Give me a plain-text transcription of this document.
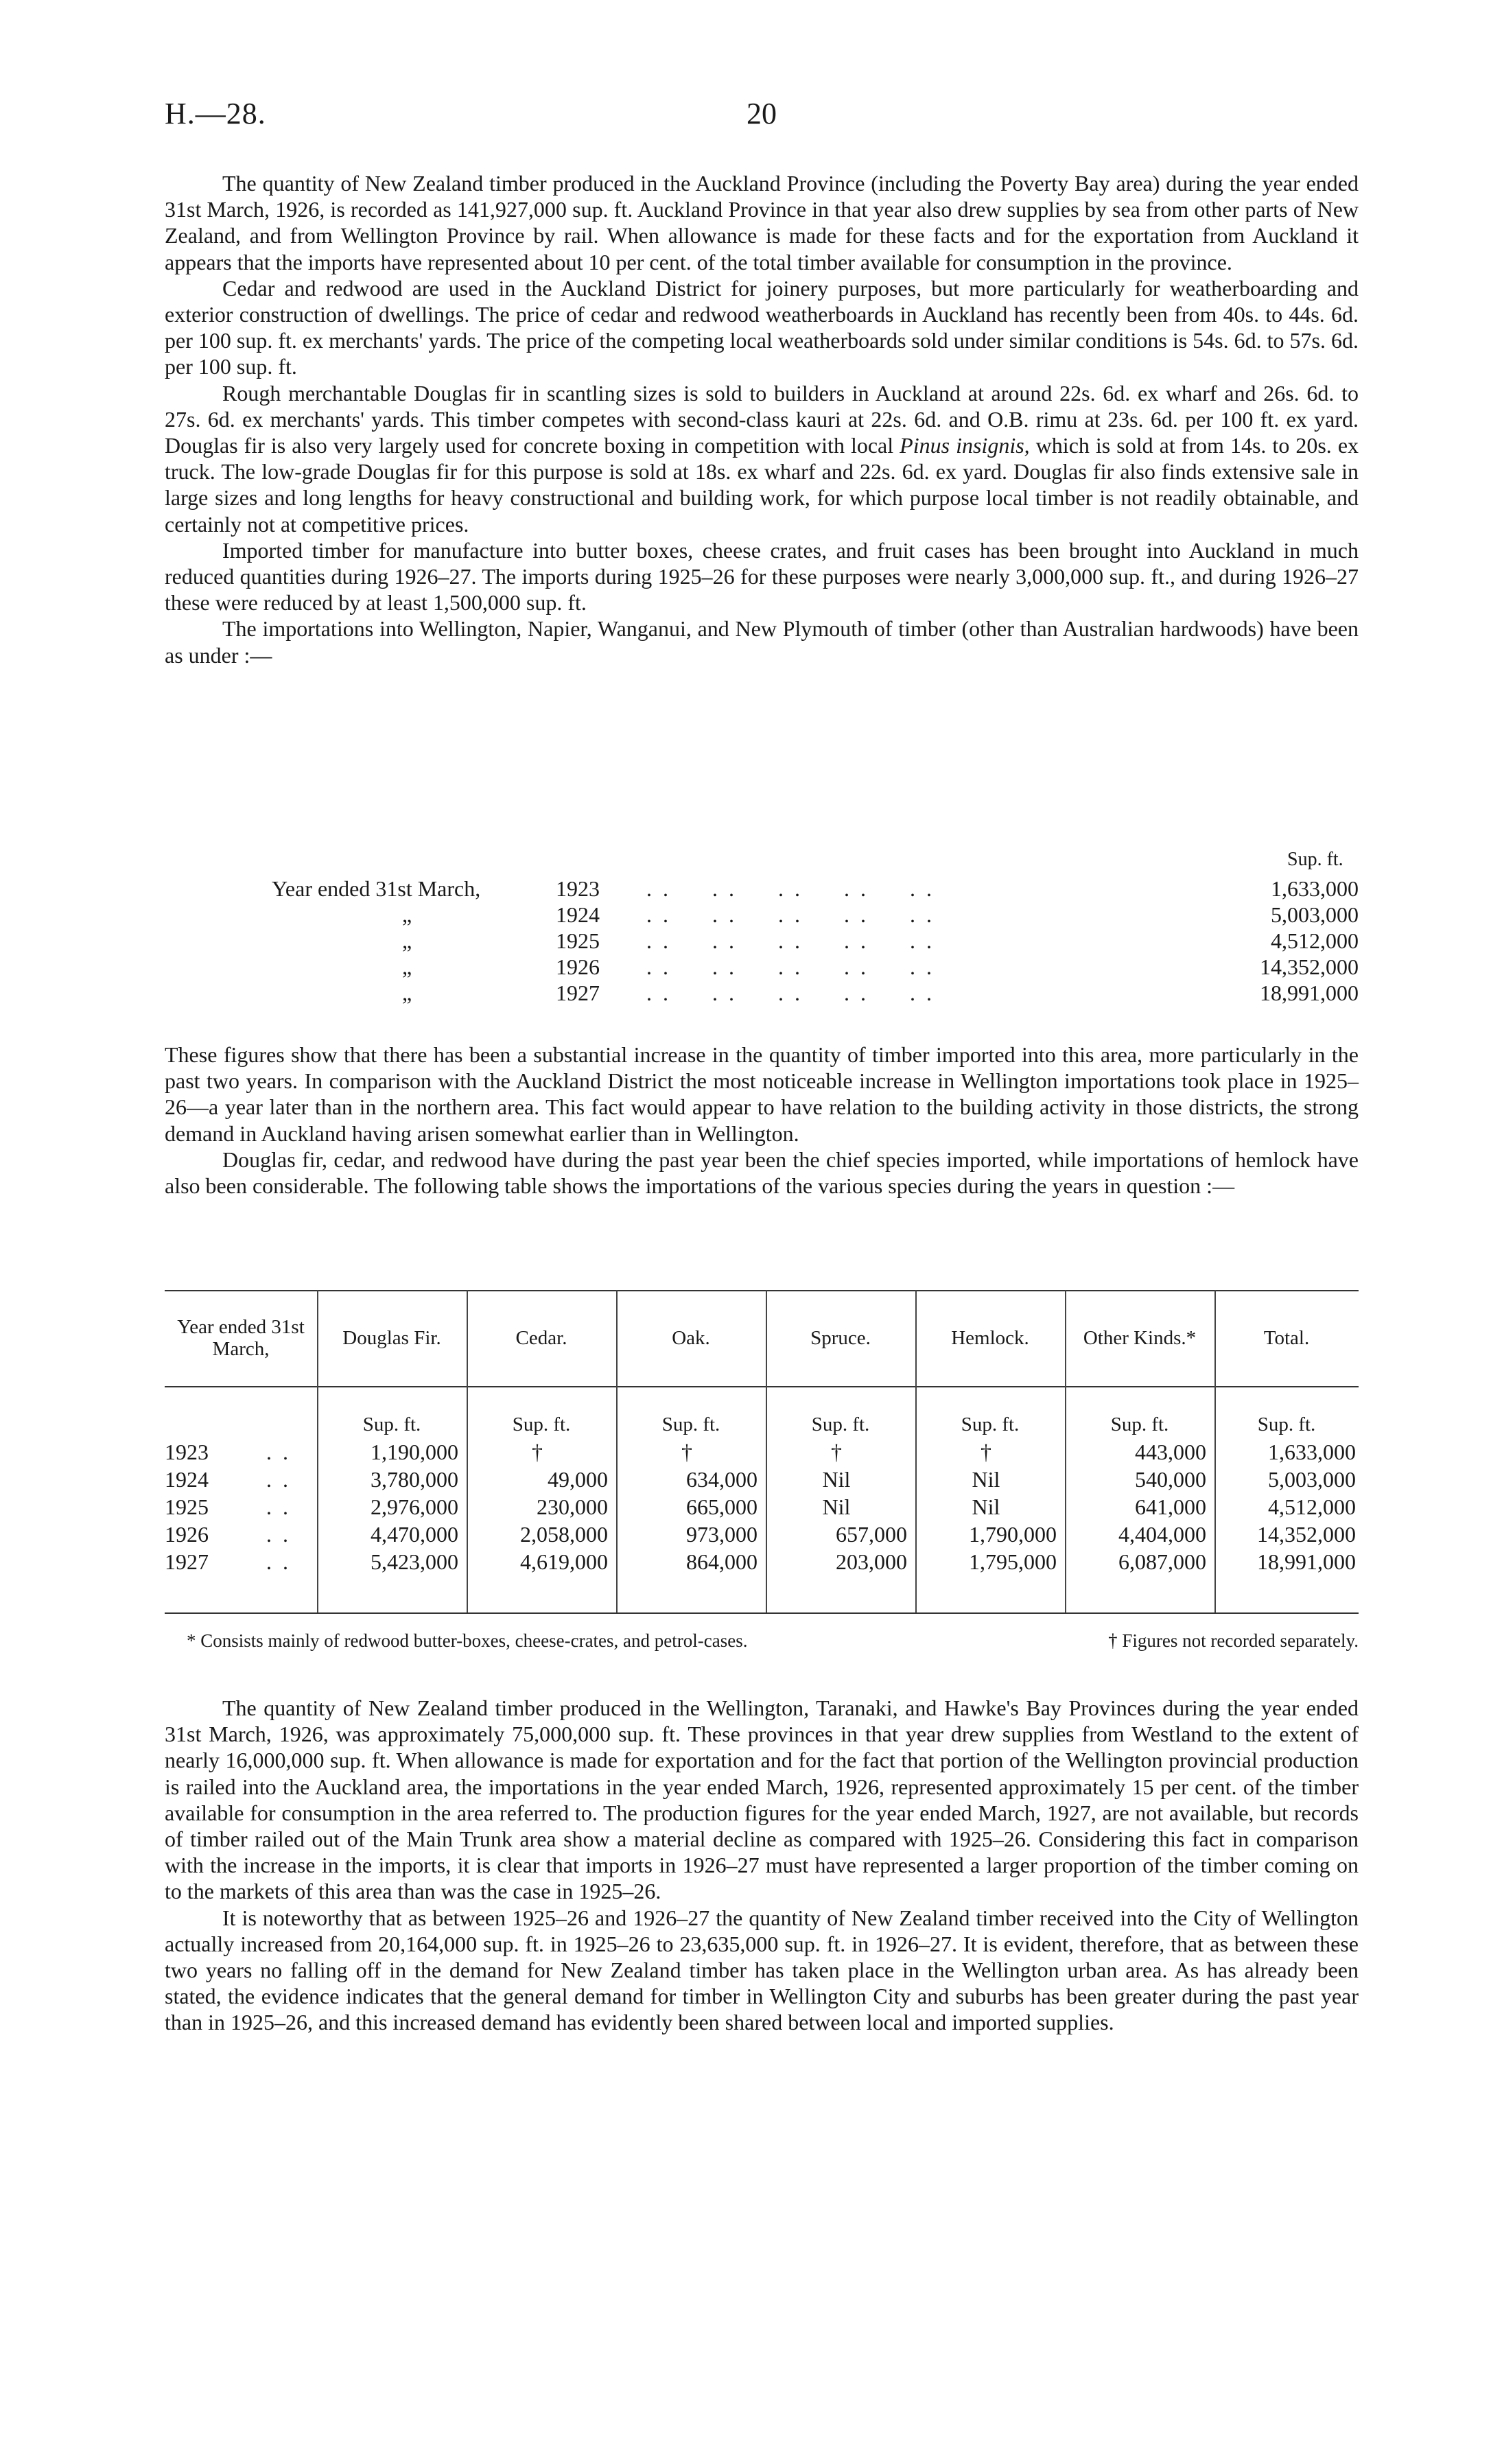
H.—28.	20

The quantity of New Zealand timber produced in the Auckland Province (including the Poverty Bay area) during the year ended 31st March, 1926, is recorded as 141,927,000 sup. ft. Auckland Province in that year also drew supplies by sea from other parts of New Zealand, and from Wellington Province by rail. When allowance is made for these facts and for the exportation from Auckland it appears that the imports have represented about 10 per cent. of the total timber available for consumption in the province.

Cedar and redwood are used in the Auckland District for joinery purposes, but more particularly for weatherboarding and exterior construction of dwellings. The price of cedar and redwood weatherboards in Auckland has recently been from 40s. to 44s. 6d. per 100 sup. ft. ex merchants' yards. The price of the competing local weatherboards sold under similar conditions is 54s. 6d. to 57s. 6d. per 100 sup. ft.

Rough merchantable Douglas fir in scantling sizes is sold to builders in Auckland at around 22s. 6d. ex wharf and 26s. 6d. to 27s. 6d. ex merchants' yards. This timber competes with second-class kauri at 22s. 6d. and O.B. rimu at 23s. 6d. per 100 ft. ex yard. Douglas fir is also very largely used for concrete boxing in competition with local Pinus insignis, which is sold at from 14s. to 20s. ex truck. The low-grade Douglas fir for this purpose is sold at 18s. ex wharf and 22s. 6d. ex yard. Douglas fir also finds extensive sale in large sizes and long lengths for heavy constructional and building work, for which purpose local timber is not readily obtainable, and certainly not at competitive prices.

Imported timber for manufacture into butter boxes, cheese crates, and fruit cases has been brought into Auckland in much reduced quantities during 1926–27. The imports during 1925–26 for these purposes were nearly 3,000,000 sup. ft., and during 1926–27 these were reduced by at least 1,500,000 sup. ft.

The importations into Wellington, Napier, Wanganui, and New Plymouth of timber (other than Australian hardwoods) have been as under :—

Sup. ft.
Year ended 31st March,	1923 . .     . .     . .     . .     . .	1,633,000
„	1924 . .     . .     . .     . .     . .	5,003,000
„	1925 . .     . .     . .     . .     . .	4,512,000
„	1926 . .     . .     . .     . .     . .	14,352,000
„	1927 . .     . .     . .     . .     . .	18,991,000

These figures show that there has been a substantial increase in the quantity of timber imported into this area, more particularly in the past two years. In comparison with the Auckland District the most noticeable increase in Wellington importations took place in 1925–26—a year later than in the northern area. This fact would appear to have relation to the building activity in those districts, the strong demand in Auckland having arisen somewhat earlier than in Wellington.

Douglas fir, cedar, and redwood have during the past year been the chief species imported, while importations of hemlock have also been considerable. The following table shows the importations of the various species during the years in question :—

Year ended 31st March,	Douglas Fir.	Cedar.	Oak.	Spruce.	Hemlock.	Other Kinds.*	Total.
Sup. ft.	Sup. ft.	Sup. ft.	Sup. ft.	Sup. ft.	Sup. ft.	Sup. ft.
1923	. .	1,190,000	†	†	†	†	443,000	1,633,000
1924	. .	3,780,000	49,000	634,000	Nil	Nil	540,000	5,003,000
1925	. .	2,976,000	230,000	665,000	Nil	Nil	641,000	4,512,000
1926	. .	4,470,000	2,058,000	973,000	657,000	1,790,000	4,404,000	14,352,000
1927	. .	5,423,000	4,619,000	864,000	203,000	1,795,000	6,087,000	18,991,000
* Consists mainly of redwood butter-boxes, cheese-crates, and petrol-cases.	† Figures not recorded separately.

The quantity of New Zealand timber produced in the Wellington, Taranaki, and Hawke's Bay Provinces during the year ended 31st March, 1926, was approximately 75,000,000 sup. ft. These provinces in that year drew supplies from Westland to the extent of nearly 16,000,000 sup. ft. When allowance is made for exportation and for the fact that portion of the Wellington provincial production is railed into the Auckland area, the importations in the year ended March, 1926, represented approximately 15 per cent. of the timber available for consumption in the area referred to. The production figures for the year ended March, 1927, are not available, but records of timber railed out of the Main Trunk area show a material decline as compared with 1925–26. Considering this fact in comparison with the increase in the imports, it is clear that imports in 1926–27 must have represented a larger proportion of the timber coming on to the markets of this area than was the case in 1925–26.

It is noteworthy that as between 1925–26 and 1926–27 the quantity of New Zealand timber received into the City of Wellington actually increased from 20,164,000 sup. ft. in 1925–26 to 23,635,000 sup. ft. in 1926–27. It is evident, therefore, that as between these two years no falling off in the demand for New Zealand timber has taken place in the Wellington urban area. As has already been stated, the evidence indicates that the general demand for timber in Wellington City and suburbs has been greater during the past year than in 1925–26, and this increased demand has evidently been shared between local and imported supplies.
